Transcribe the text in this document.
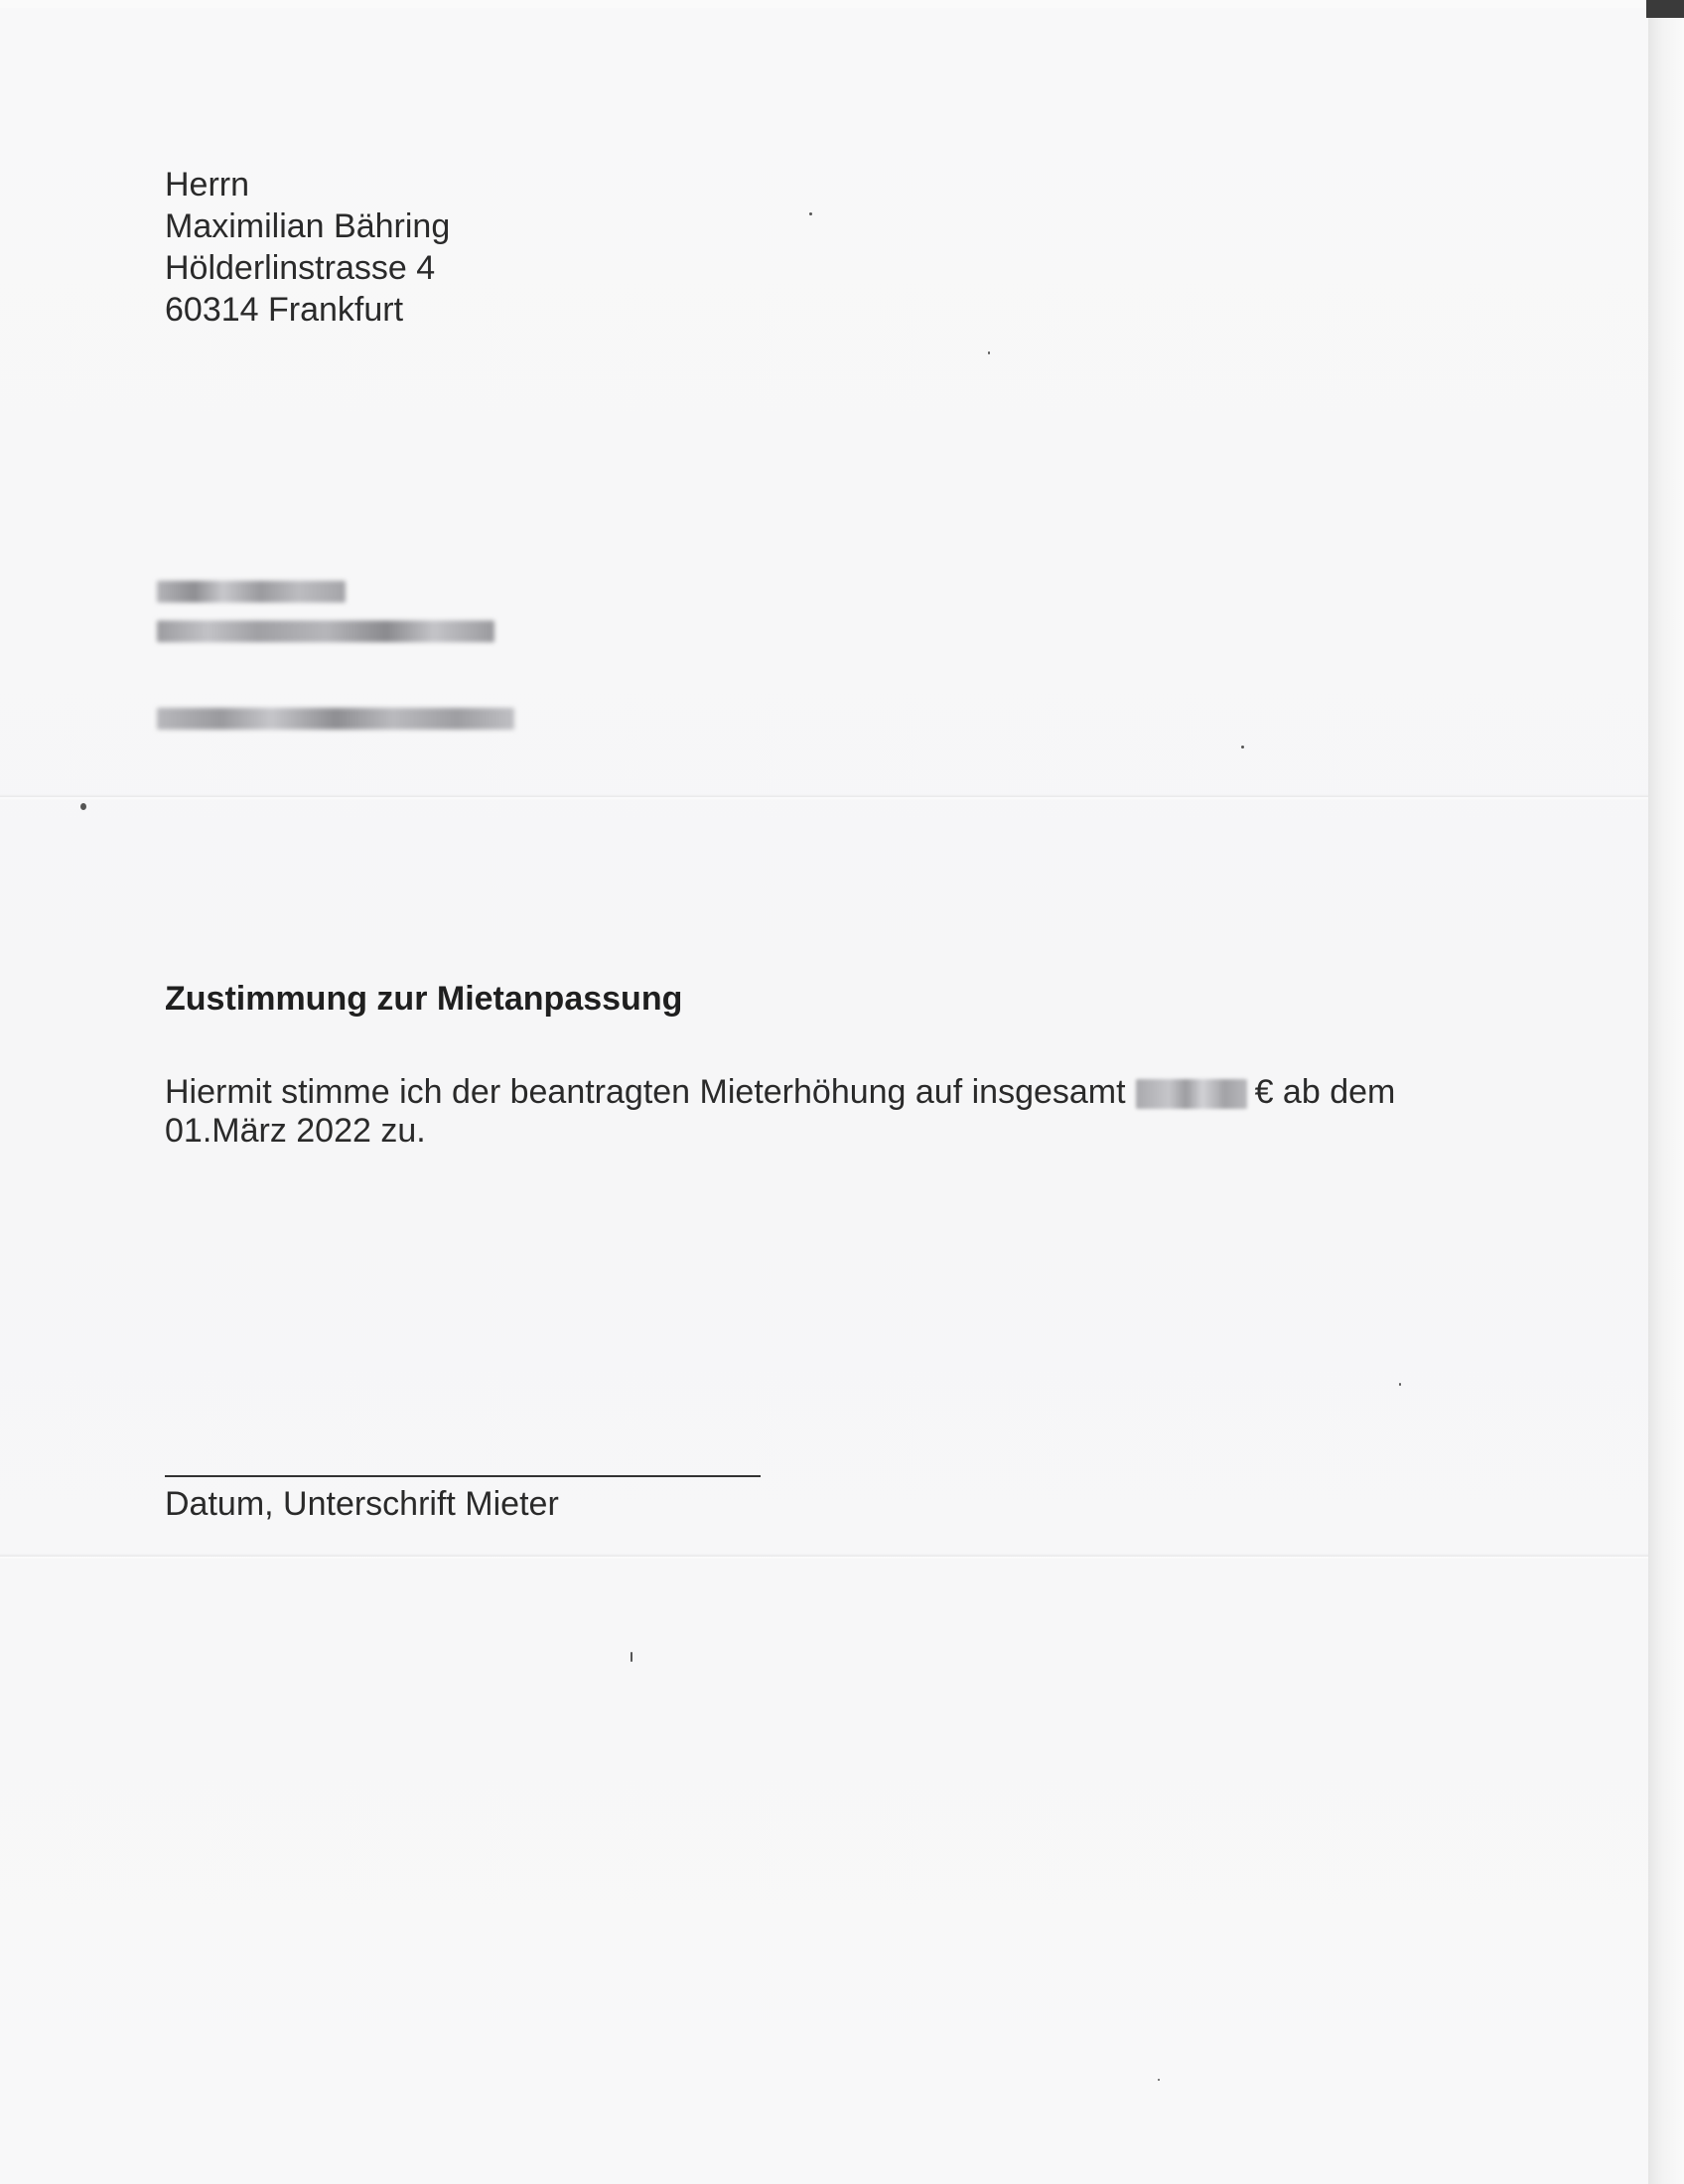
Herrn
Maximilian Bähring
Hölderlinstrasse 4
60314 Frankfurt
Zustimmung zur Mietanpassung
Hiermit stimme ich der beantragten Mieterhöhung auf insgesamt	€ ab dem
01.März 2022 zu.
Datum, Unterschrift Mieter
